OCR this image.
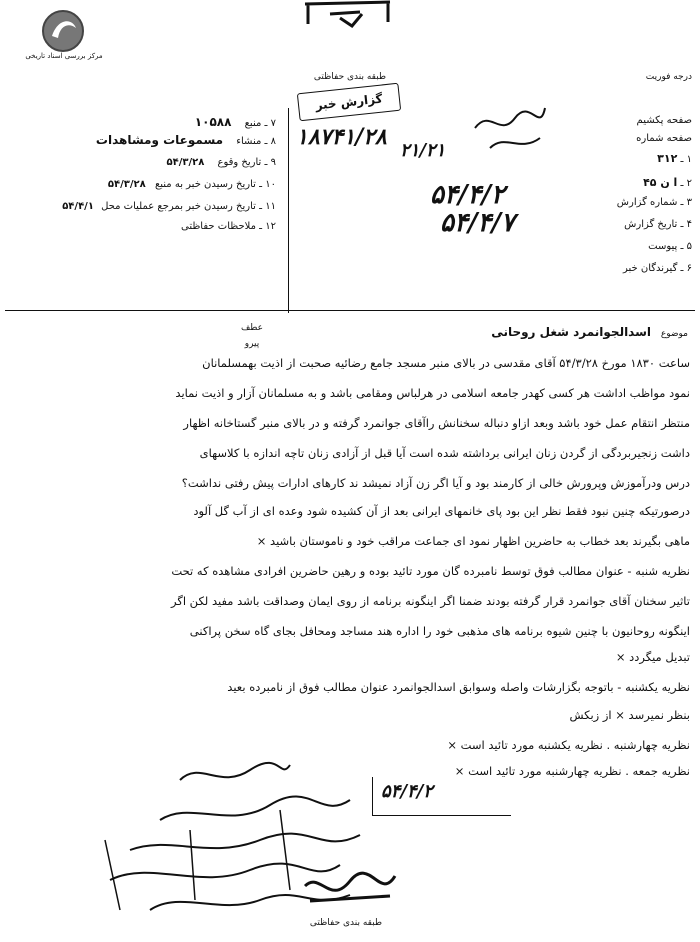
مرکز بررسی اسناد تاریخی
طبقه بندی حفاظتی
گزارش خبر
درجه فوریت
۷ ـ منبع ۱۰۵۸۸
۸ ـ منشاء مسموعات ومشاهدات
۹ ـ تاریخ وقوع ۵۴/۳/۲۸
۱۰ ـ تاریخ رسیدن خبر به منبع ۵۴/۳/۲۸
۱۱ ـ تاریخ رسیدن خبر بمرجع عملیات محل ۵۴/۴/۱
۱۲ ـ ملاحظات حفاظتی
صفحه پکشیم
صفحه شماره
۱ ـ ۳۱۲
۲ ـ ا ن ۴۵
۳ ـ شماره گزارش
۴ ـ تاریخ گزارش
۵ ـ پیوست
۶ ـ گیرندگان خبر
۱۸۷۴۱/۲۸
۲۱/۲۱
۵۴/۴/۲
۵۴/۴/۷
عطف
پیرو
موضوع اسدالجوانمرد شغل روحانی
ساعت ۱۸۳۰ مورخ ۵۴/۳/۲۸ آقای مقدسی در بالای منبر مسجد جامع رضائیه صحبت از اذیت بهمسلمانان
نمود مواظب اداشت هر کسی کهدر جامعه اسلامی در هرلباس ومقامی باشد و به مسلمانان آزار و اذیت نماید
منتظر انتقام عمل خود باشد وبعد ازاو دنباله سخنانش راآقای جوانمرد گرفته و در بالای منبر گستاخانه اظهار
داشت زنجیربردگی از گردن زنان ایرانی برداشته شده است آیا قبل از آزادی زنان تاچه اندازه با کلاسهای
درس ودرآموزش وپرورش خالی از کارمند بود و آیا اگر زن آزاد نمیشد ند کارهای ادارات پیش رفتی نداشت؟
درصورتیکه چنین نبود فقط نظر این بود پای خانمهای ایرانی بعد از آن کشیده شود وعده ای از آب گل آلود
ماهی بگیرند بعد خطاب به حاضرین اظهار نمود ای جماعت مراقب خود و ناموستان باشید ×
نظریه شنبه - عنوان مطالب فوق توسط نامبرده گان مورد تائید بوده و رهین حاضرین افرادی مشاهده که تحت
تاثیر سخنان آقای جوانمرد قرار گرفته بودند ضمنا اگر اینگونه برنامه از روی ایمان وصداقت باشد مفید لکن اگر
اینگونه روحانیون با چنین شیوه برنامه های مذهبی خود را اداره هند مساجد ومحافل بجای گاه سخن پراکنی
تبدیل میگردد ×
نظریه یکشنبه - باتوجه بگزارشات واصله وسوابق اسدالجوانمرد عنوان مطالب فوق از نامبرده بعید
بنظر نمیرسد × از زبکش
نظریه چهارشنبه . نظریه یکشنبه مورد تائید است ×
نظریه جمعه . نظریه چهارشنبه مورد تائید است ×
۵۴/۴/۲
طبقه بندی حفاظتی
